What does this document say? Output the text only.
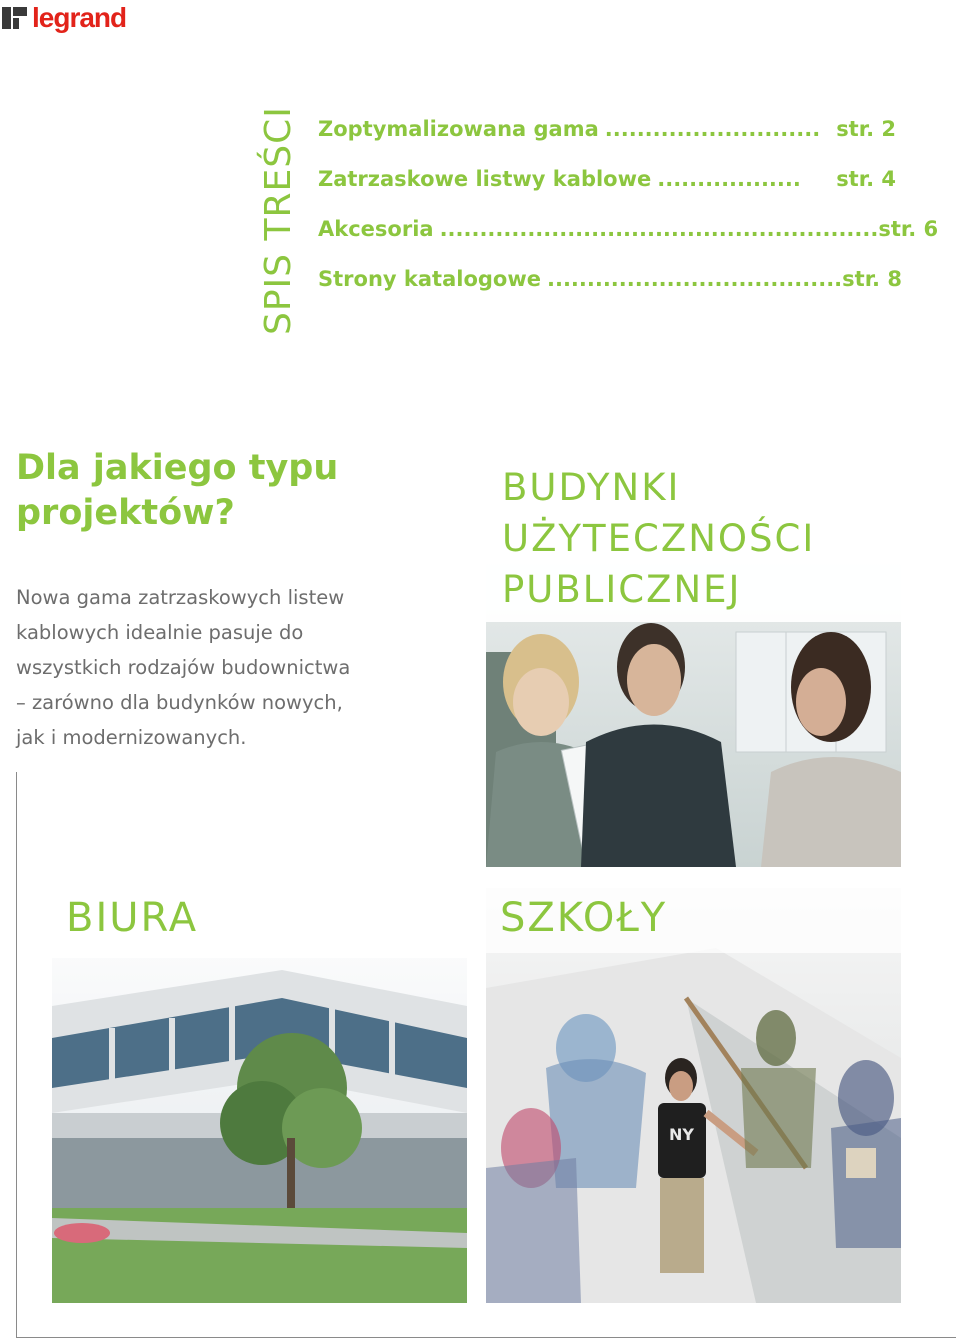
legrand
SPIS TREŚCI Zoptymalizowana gama ........................... str. 2
Zatrzaskowe listwy kablowe .................. str. 4
Akcesoria ....................................................... str. 6
Strony katalogowe ..................................... str. 8
Dla jakiego typu
projektów?
Nowa gama zatrzaskowych listew
kablowych idealnie pasuje do
wszystkich rodzajów budownictwa
– zarówno dla budynków nowych,
jak i modernizowanych.
BUDYNKI
UŻYTECZNOŚCI
PUBLICZNEJ
BIURA
NY
SZKOŁY
